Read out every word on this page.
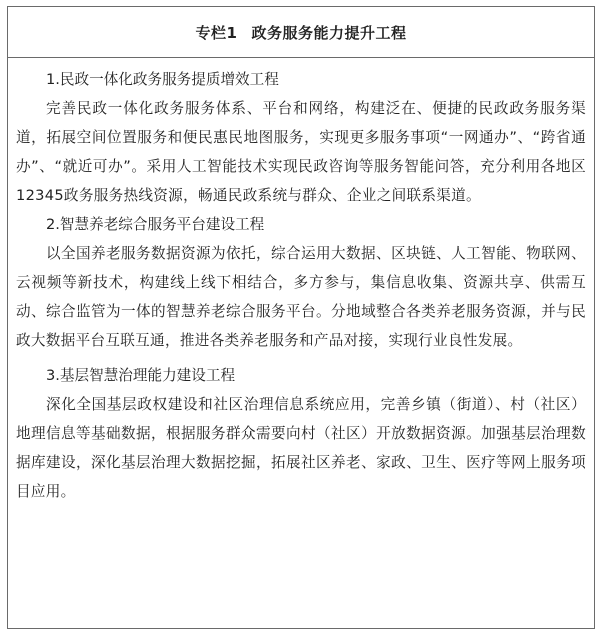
专栏1 政务服务能力提升工程
1.民政一体化政务服务提质增效工程
完善民政一体化政务服务体系、平台和网络，构建泛在、便捷的民政政务服务渠道，拓展空间位置服务和便民惠民地图服务，实现更多服务事项“一网通办”、“跨省通办”、“就近可办”。采用人工智能技术实现民政咨询等服务智能问答，充分利用各地区12345政务服务热线资源，畅通民政系统与群众、企业之间联系渠道。
2.智慧养老综合服务平台建设工程
以全国养老服务数据资源为依托，综合运用大数据、区块链、人工智能、物联网、云视频等新技术，构建线上线下相结合，多方参与，集信息收集、资源共享、供需互动、综合监管为一体的智慧养老综合服务平台。分地域整合各类养老服务资源，并与民政大数据平台互联互通，推进各类养老服务和产品对接，实现行业良性发展。
3.基层智慧治理能力建设工程
深化全国基层政权建设和社区治理信息系统应用，完善乡镇（街道）、村（社区）地理信息等基础数据，根据服务群众需要向村（社区）开放数据资源。加强基层治理数据库建设，深化基层治理大数据挖掘，拓展社区养老、家政、卫生、医疗等网上服务项目应用。
